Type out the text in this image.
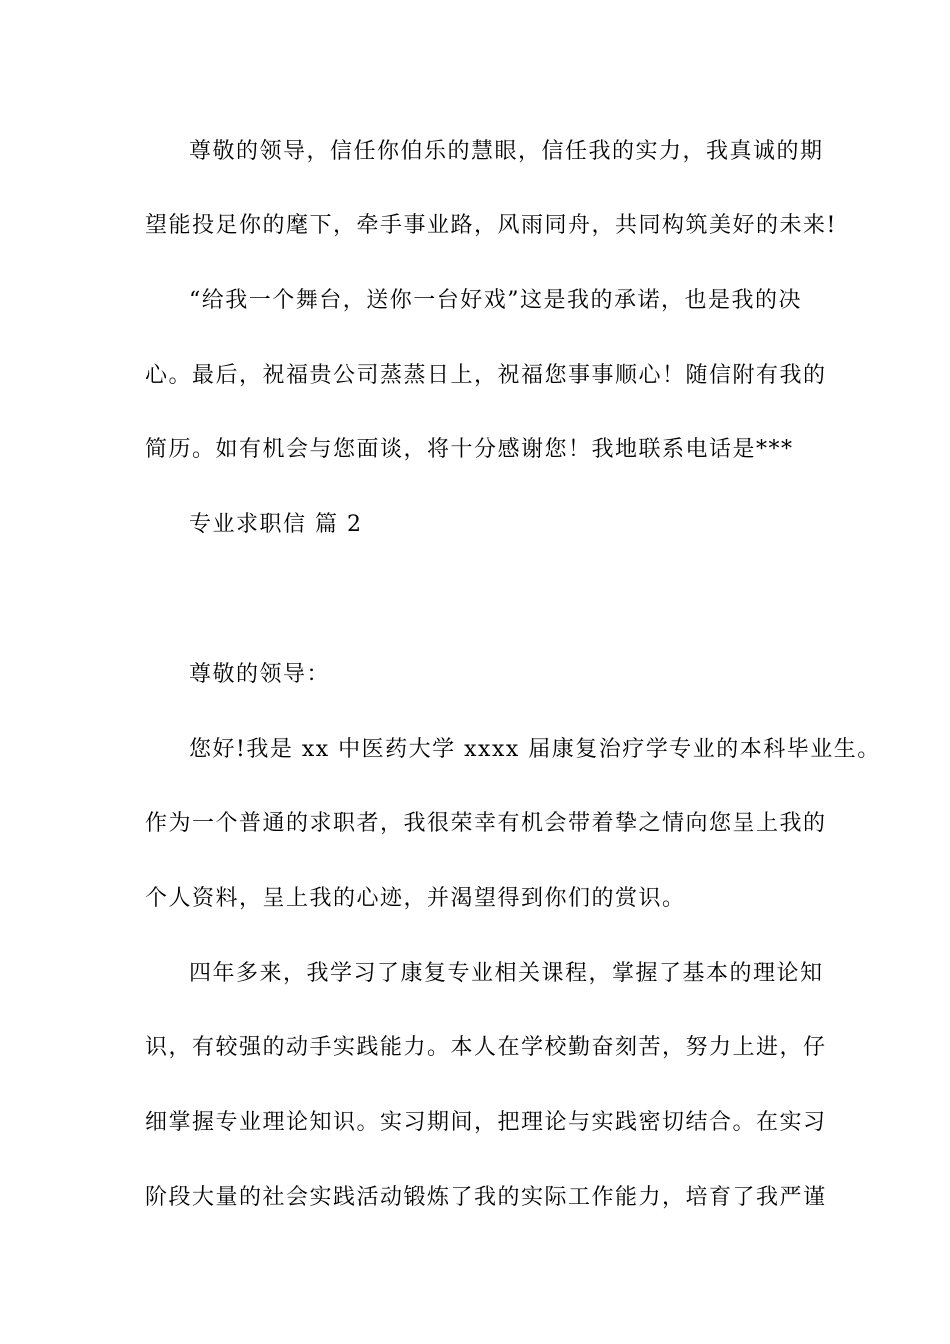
尊敬的领导，信任你伯乐的慧眼，信任我的实力，我真诚的期
望能投足你的麾下，牵手事业路，风雨同舟，共同构筑美好的未来!
“给我一个舞台，送你一台好戏”这是我的承诺，也是我的决
心。最后，祝福贵公司蒸蒸日上，祝福您事事顺心！随信附有我的
简历。如有机会与您面谈，将十分感谢您！我地联系电话是***
专业求职信 篇 2
尊敬的领导：
您好!我是 xx 中医药大学 xxxx 届康复治疗学专业的本科毕业生。
作为一个普通的求职者，我很荣幸有机会带着挚之情向您呈上我的
个人资料，呈上我的心迹，并渴望得到你们的赏识。
四年多来，我学习了康复专业相关课程，掌握了基本的理论知
识，有较强的动手实践能力。本人在学校勤奋刻苦，努力上进，仔
细掌握专业理论知识。实习期间，把理论与实践密切结合。在实习
阶段大量的社会实践活动锻炼了我的实际工作能力，培育了我严谨
